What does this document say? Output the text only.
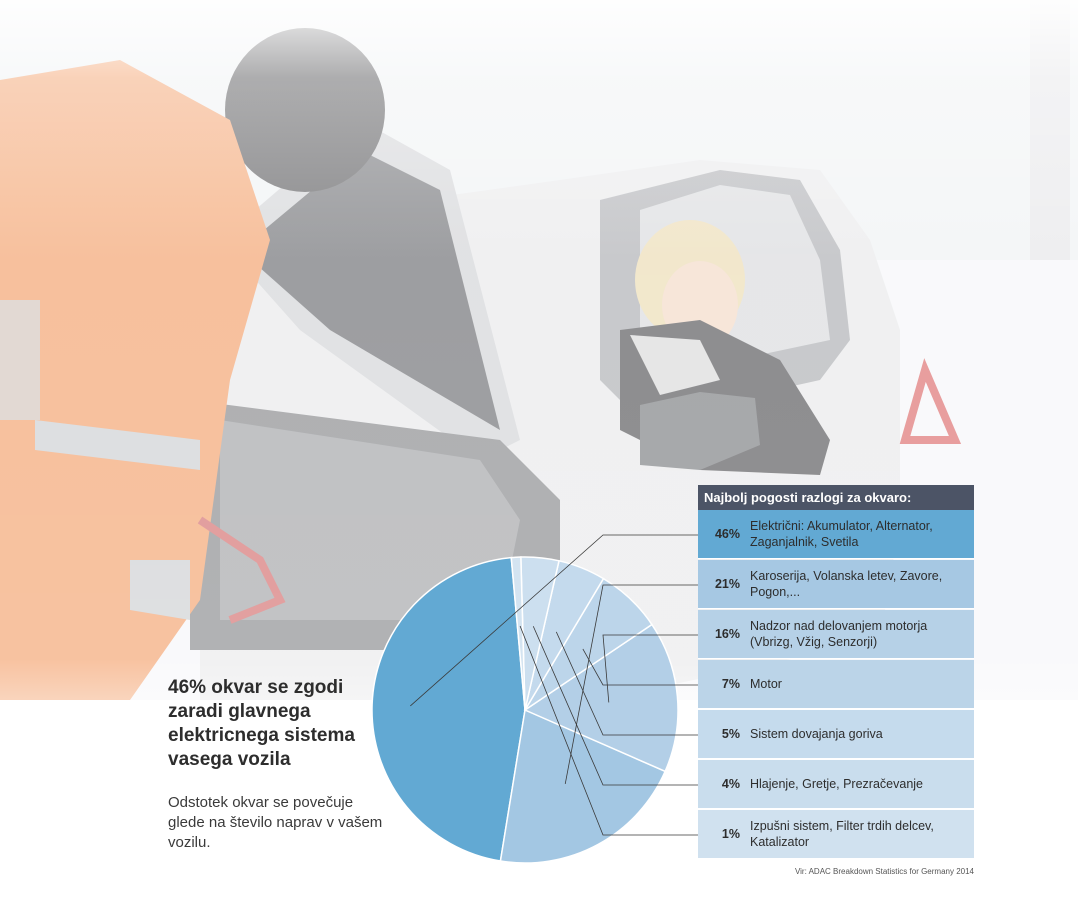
46% okvar se zgodi zaradi glavnega elektricnega sistema vasega vozila
Odstotek okvar se povečuje glede na število naprav v vašem vozilu.
Najbolj pogosti razlogi za okvaro:
46%
Električni: Akumulator, Alternator, Zaganjalnik, Svetila
21%
Karoserija, Volanska letev, Zavore, Pogon,...
16%
Nadzor nad delovanjem motorja (Vbrizg, Vžig, Senzorji)
7% Motor
5% Sistem dovajanja goriva
4% Hlajenje, Gretje, Prezračevanje
1%
Izpušni sistem, Filter trdih delcev, Katalizator
Vir: ADAC Breakdown Statistics for Germany 2014
